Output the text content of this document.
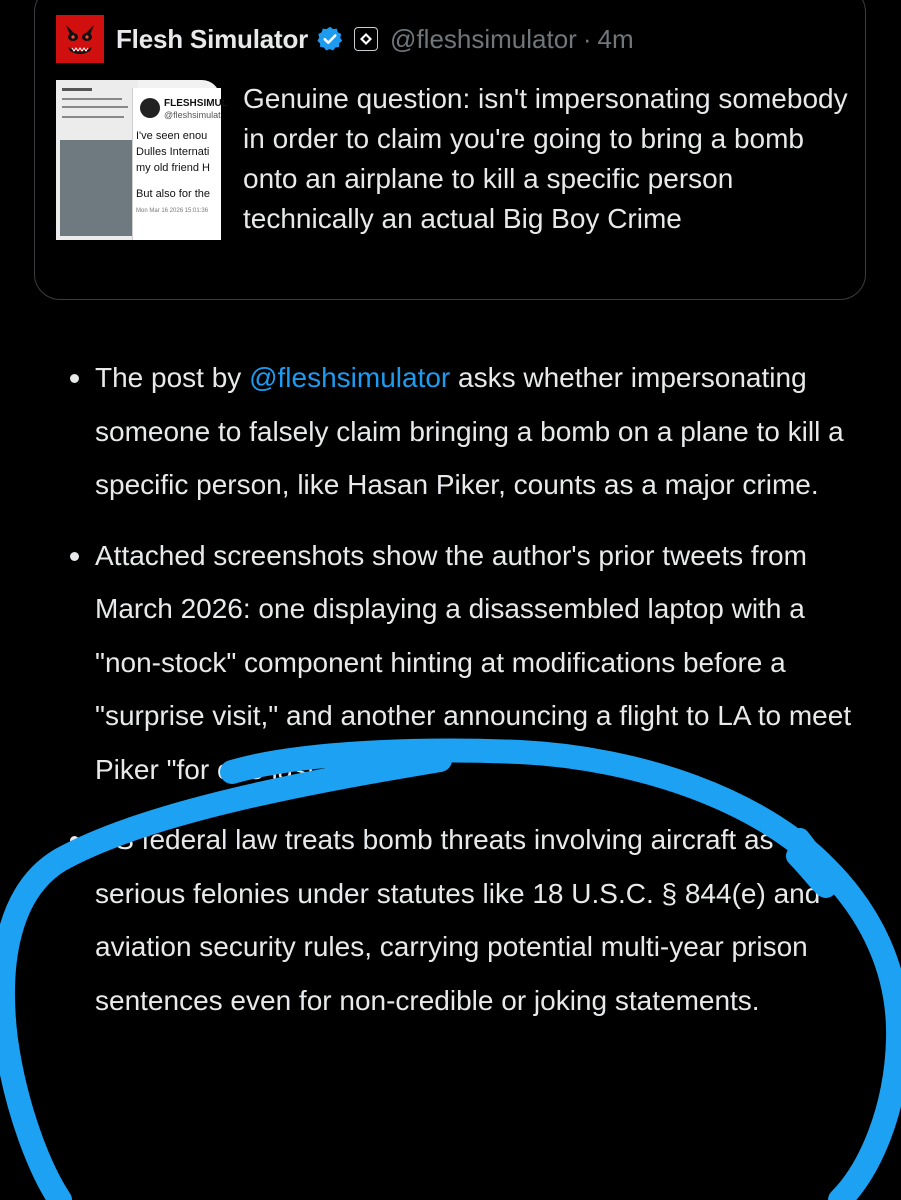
Flesh Simulator	@fleshsimulator · 4m
FLESHSIMUL
@fleshsimulat
I've seen enou
Dulles Internati
my old friend H
But also for the
Mon Mar 16 2026 15:01:36
Genuine question: isn't impersonating somebody in order to claim you're going to bring a bomb onto an airplane to kill a specific person technically an actual Big Boy Crime
The post by @fleshsimulator asks whether impersonating someone to falsely claim bringing a bomb on a plane to kill a specific person, like Hasan Piker, counts as a major crime.
Attached screenshots show the author's prior tweets from March 2026: one displaying a disassembled laptop with a "non-stock" component hinting at modifications before a "surprise visit," and another announcing a flight to LA to meet Piker "for one last time."
US federal law treats bomb threats involving aircraft as serious felonies under statutes like 18 U.S.C. § 844(e) and aviation security rules, carrying potential multi-year prison sentences even for non-credible or joking statements.
